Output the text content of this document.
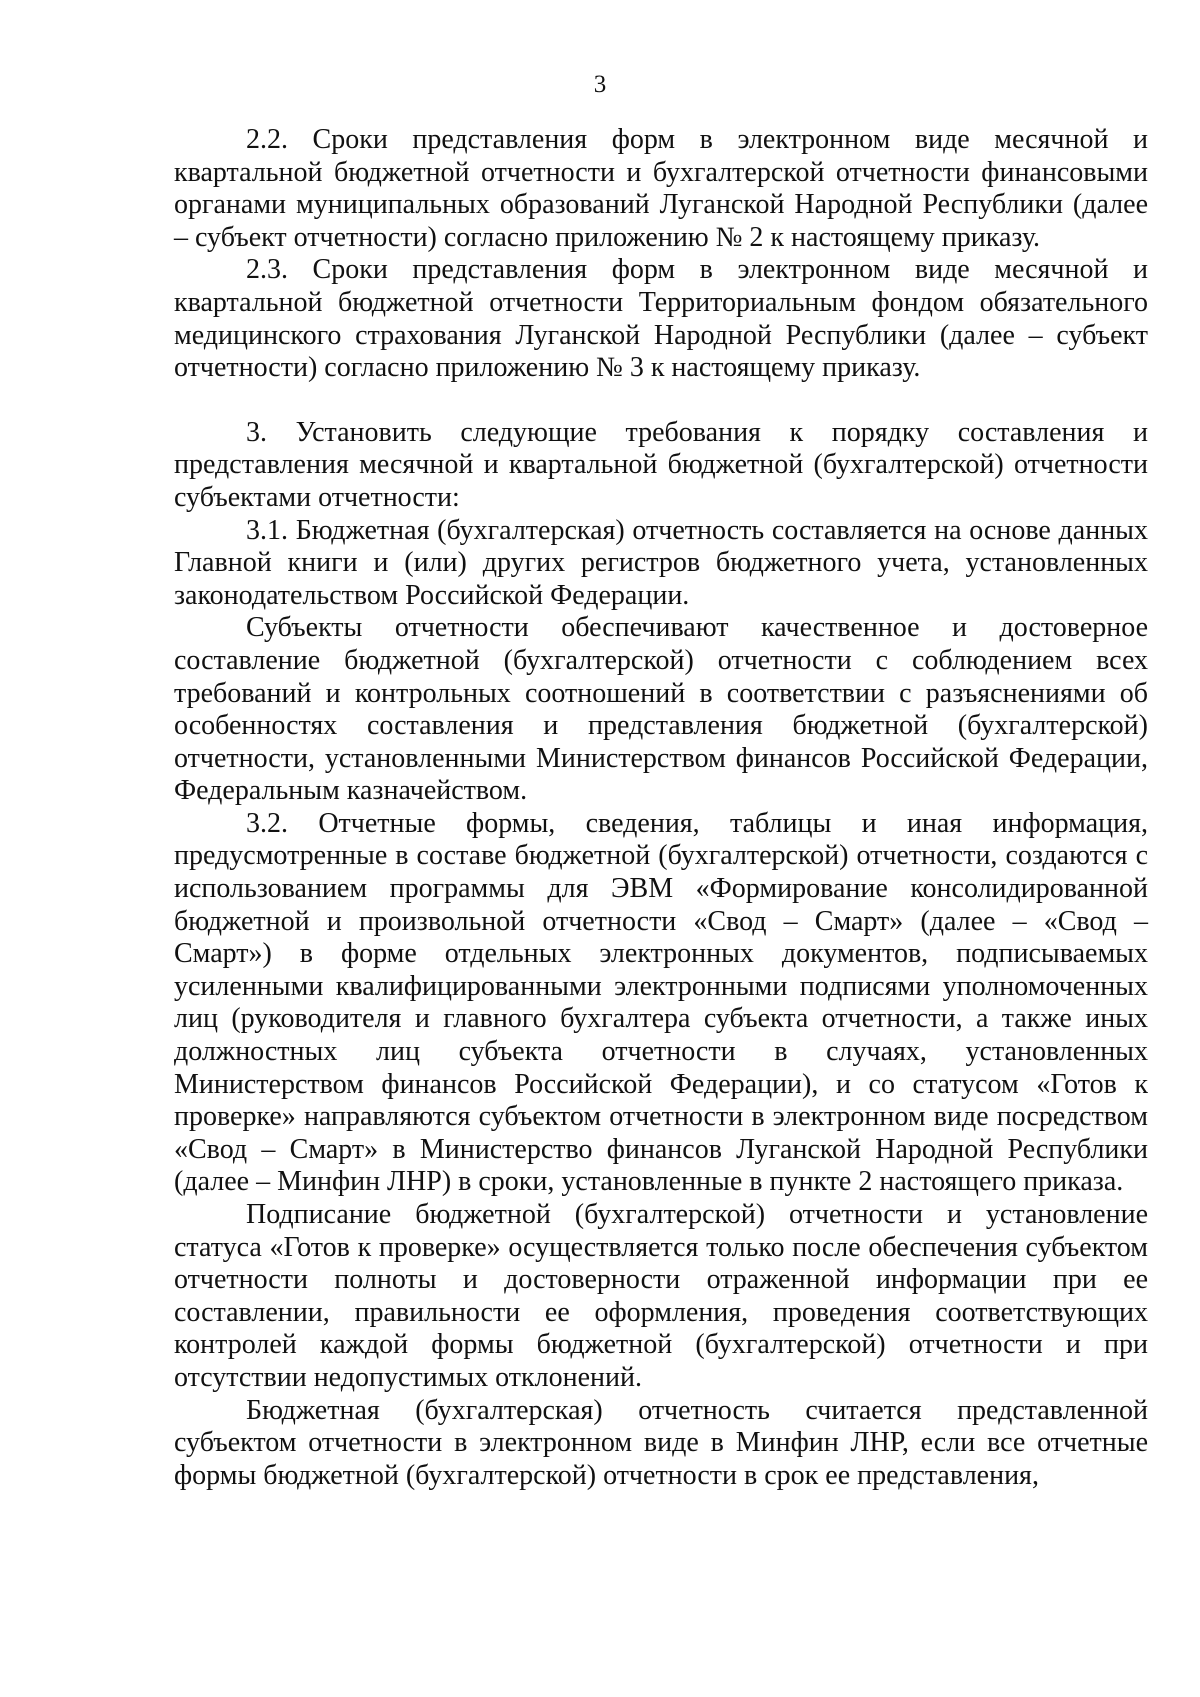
3

2.2. Сроки представления форм в электронном виде месячной и квартальной бюджетной отчетности и бухгалтерской отчетности финансовыми органами муниципальных образований Луганской Народной Республики (далее – субъект отчетности) согласно приложению № 2 к настоящему приказу.

2.3. Сроки представления форм в электронном виде месячной и квартальной бюджетной отчетности Территориальным фондом обязательного медицинского страхования Луганской Народной Республики (далее – субъект отчетности) согласно приложению № 3 к настоящему приказу.

3. Установить следующие требования к порядку составления и представления месячной и квартальной бюджетной (бухгалтерской) отчетности субъектами отчетности:

3.1. Бюджетная (бухгалтерская) отчетность составляется на основе данных Главной книги и (или) других регистров бюджетного учета, установленных законодательством Российской Федерации.

Субъекты отчетности обеспечивают качественное и достоверное составление бюджетной (бухгалтерской) отчетности с соблюдением всех требований и контрольных соотношений в соответствии с разъяснениями об особенностях составления и представления бюджетной (бухгалтерской) отчетности, установленными Министерством финансов Российской Федерации, Федеральным казначейством.

3.2. Отчетные формы, сведения, таблицы и иная информация, предусмотренные в составе бюджетной (бухгалтерской) отчетности, создаются с использованием программы для ЭВМ «Формирование консолидированной бюджетной и произвольной отчетности «Свод – Смарт» (далее – «Свод – Смарт») в форме отдельных электронных документов, подписываемых усиленными квалифицированными электронными подписями уполномоченных лиц (руководителя и главного бухгалтера субъекта отчетности, а также иных должностных лиц субъекта отчетности в случаях, установленных Министерством финансов Российской Федерации), и со статусом «Готов к проверке» направляются субъектом отчетности в электронном виде посредством «Свод – Смарт» в Министерство финансов Луганской Народной Республики (далее – Минфин ЛНР) в сроки, установленные в пункте 2 настоящего приказа.

Подписание бюджетной (бухгалтерской) отчетности и установление статуса «Готов к проверке» осуществляется только после обеспечения субъектом отчетности полноты и достоверности отраженной информации при ее составлении, правильности ее оформления, проведения соответствующих контролей каждой формы бюджетной (бухгалтерской) отчетности и при отсутствии недопустимых отклонений.

Бюджетная (бухгалтерская) отчетность считается представленной субъектом отчетности в электронном виде в Минфин ЛНР, если все отчетные формы бюджетной (бухгалтерской) отчетности в срок ее представления,
